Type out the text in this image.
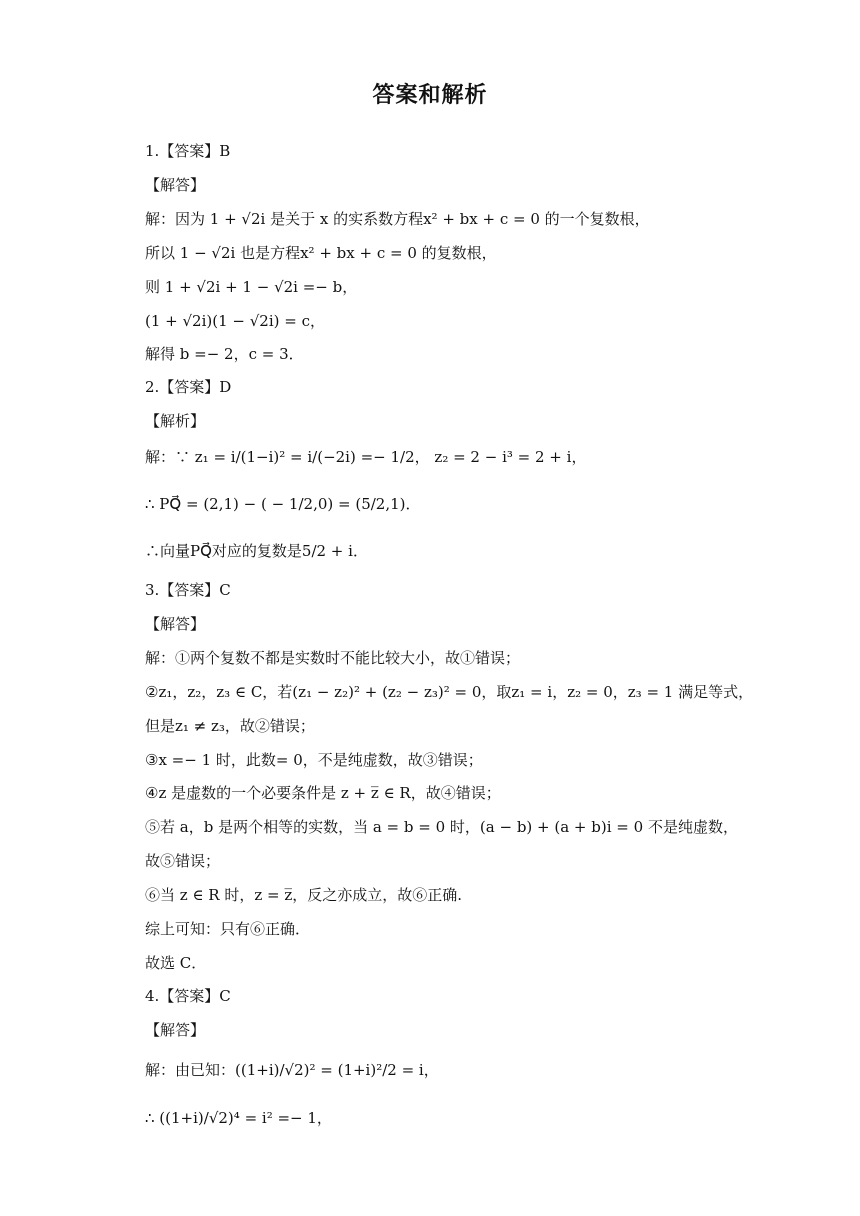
答案和解析
1.【答案】B
【解答】
解：因为 1 + √2i 是关于 x 的实系数方程x² + bx + c = 0 的一个复数根，
所以 1 − √2i 也是方程x² + bx + c = 0 的复数根，
则 1 + √2i + 1 − √2i =− b，
(1 + √2i)(1 − √2i) = c，
解得 b =− 2，c = 3．
2.【答案】D
【解析】
解：∵ z₁ = i/(1−i)² = i/(−2i) =− 1/2， z₂ = 2 − i³ = 2 + i，
∴ PQ⃗ = (2,1) − ( − 1/2,0) = (5/2,1)．
∴向量PQ⃗对应的复数是5/2 + i．
3.【答案】C
【解答】
解：①两个复数不都是实数时不能比较大小，故①错误；
②z₁，z₂，z₃ ∈ C，若(z₁ − z₂)² + (z₂ − z₃)² = 0，取z₁ = i，z₂ = 0，z₃ = 1 满足等式，
但是z₁ ≠ z₃，故②错误；
③x =− 1 时，此数= 0，不是纯虚数，故③错误；
④z 是虚数的一个必要条件是 z + z̅ ∈ R，故④错误；
⑤若 a，b 是两个相等的实数，当 a = b = 0 时，(a − b) + (a + b)i = 0 不是纯虚数，
故⑤错误；
⑥当 z ∈ R 时，z = z̅，反之亦成立，故⑥正确.
综上可知：只有⑥正确．
故选 C．
4.【答案】C
【解答】
解：由已知：((1+i)/√2)² = (1+i)²/2 = i，
∴ ((1+i)/√2)⁴ = i² =− 1，
